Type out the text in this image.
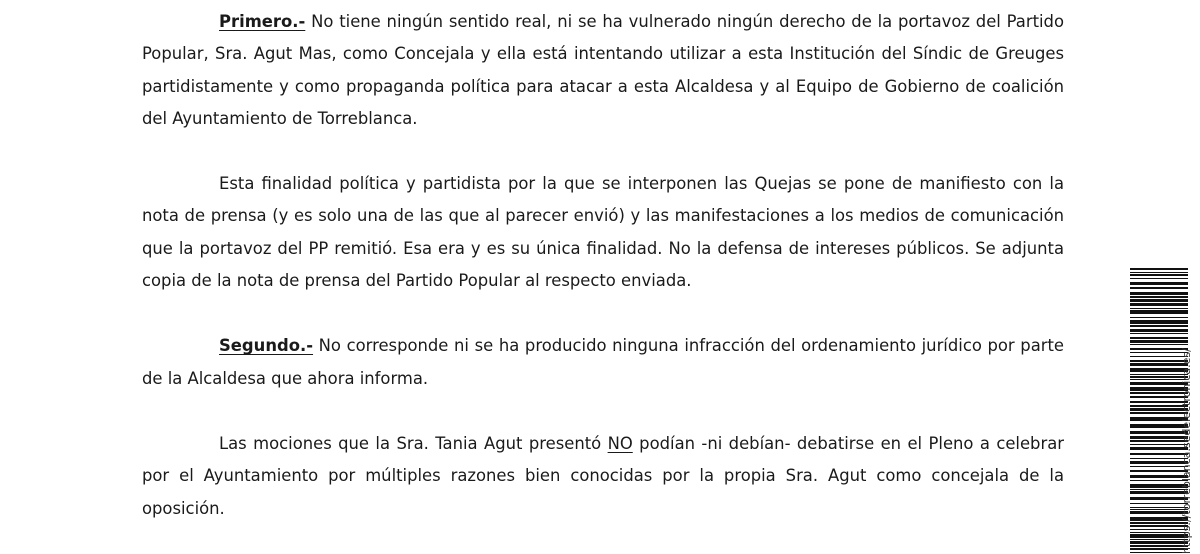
Primero.- No tiene ningún sentido real, ni se ha vulnerado ningún derecho de la portavoz del Partido Popular, Sra. Agut Mas, como Concejala y ella está intentando utilizar a esta Institución del Síndic de Greuges partidistamente y como propaganda política para atacar a esta Alcaldesa y al Equipo de Gobierno de coalición del Ayuntamiento de Torreblanca.

Esta finalidad política y partidista por la que se interponen las Quejas se pone de manifiesto con la nota de prensa (y es solo una de las que al parecer envió) y las manifestaciones a los medios de comunicación que la portavoz del PP remitió. Esa era y es su única finalidad. No la defensa de intereses públicos. Se adjunta copia de la nota de prensa del Partido Popular al respecto enviada.

Segundo.- No corresponde ni se ha producido ninguna infracción del ordenamiento jurídico por parte de la Alcaldesa que ahora informa.

Las mociones que la Sra. Tania Agut presentó NO podían -ni debían- debatirse en el Pleno a celebrar por el Ayuntamiento por múltiples razones bien conocidas por la propia Sra. Agut como concejala de la oposición.	https://torreblanca.sedelectronica.es/
